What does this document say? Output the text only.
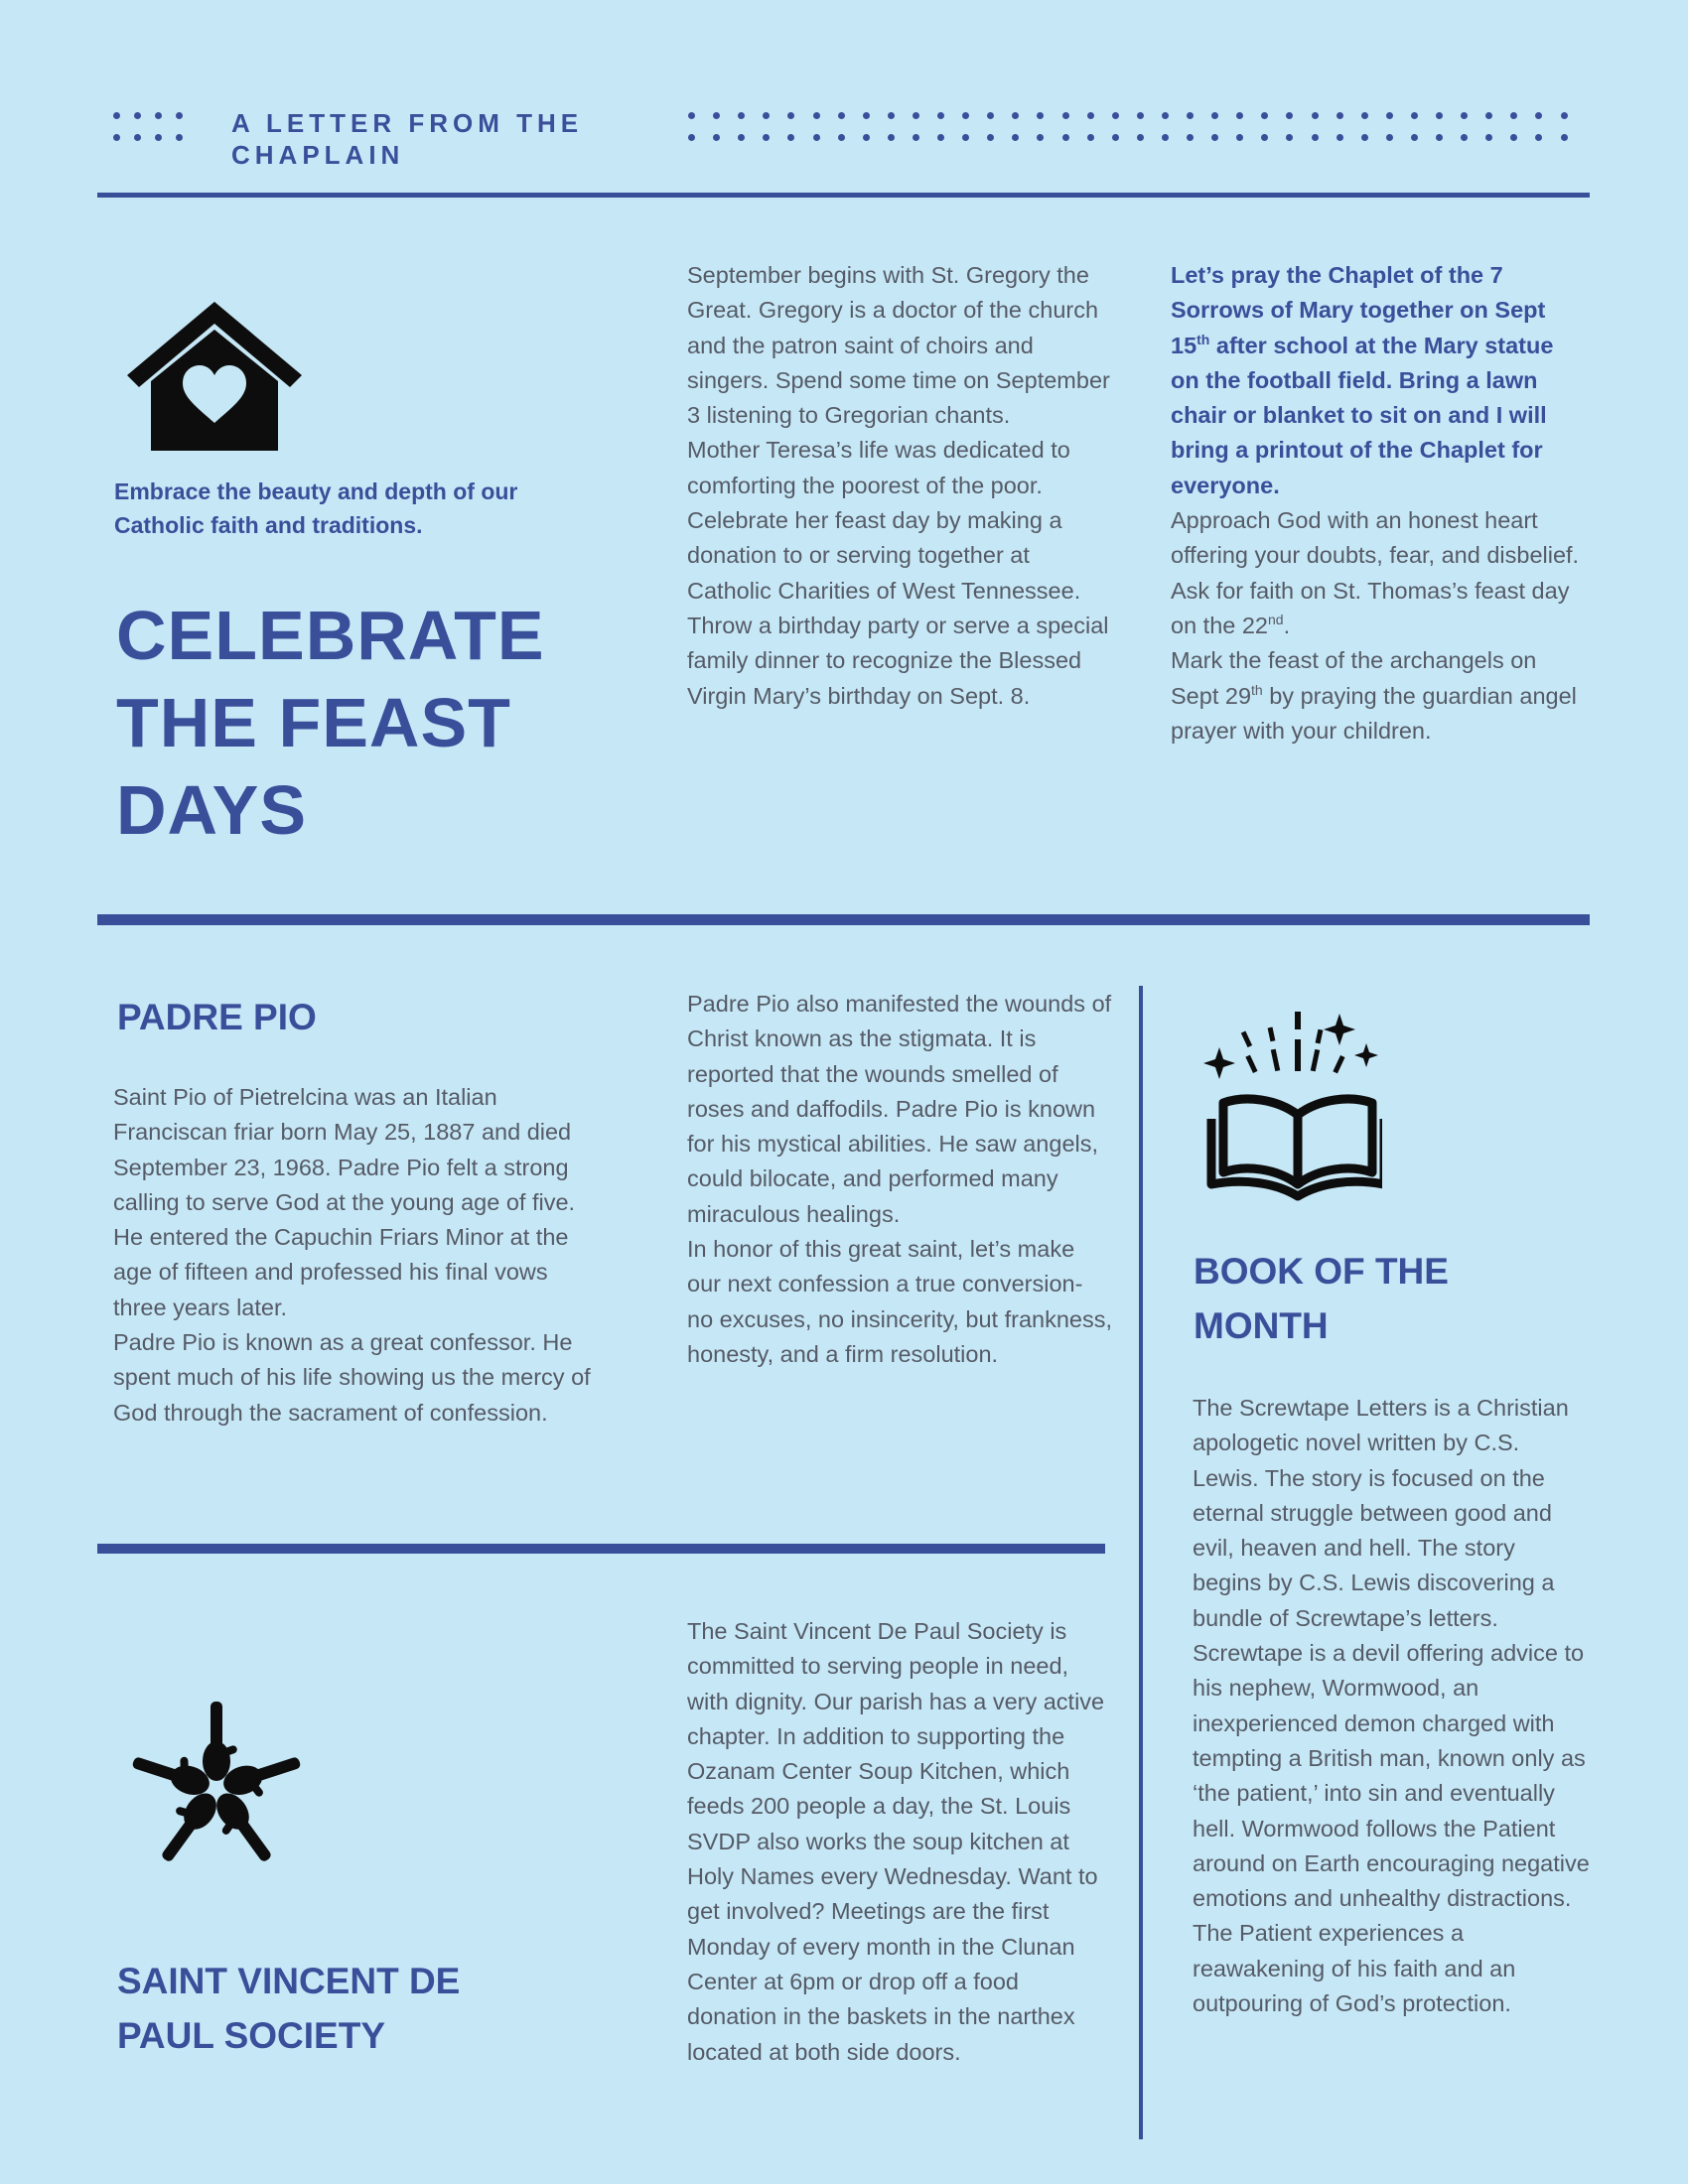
A LETTER FROM THE CHAPLAIN
Embrace the beauty and depth of our Catholic faith and traditions.
CELEBRATE THE FEAST DAYS

September begins with St. Gregory the Great. Gregory is a doctor of the church and the patron saint of choirs and singers. Spend some time on September 3 listening to Gregorian chants.

Mother Teresa’s life was dedicated to comforting the poorest of the poor. Celebrate her feast day by making a donation to or serving together at Catholic Charities of West Tennessee.

Throw a birthday party or serve a special family dinner to recognize the Blessed Virgin Mary’s birthday on Sept. 8.

Let’s pray the Chaplet of the 7 Sorrows of Mary together on Sept 15th after school at the Mary statue on the football field. Bring a lawn chair or blanket to sit on and I will bring a printout of the Chaplet for everyone.

Approach God with an honest heart offering your doubts, fear, and disbelief. Ask for faith on St. Thomas’s feast day on the 22nd.

Mark the feast of the archangels on Sept 29th by praying the guardian angel prayer with your children.

PADRE PIO

Saint Pio of Pietrelcina was an Italian Franciscan friar born May 25, 1887 and died September 23, 1968. Padre Pio felt a strong calling to serve God at the young age of five. He entered the Capuchin Friars Minor at the age of fifteen and professed his final vows three years later.

Padre Pio is known as a great confessor. He spent much of his life showing us the mercy of God through the sacrament of confession.

Padre Pio also manifested the wounds of Christ known as the stigmata. It is reported that the wounds smelled of roses and daffodils. Padre Pio is known for his mystical abilities. He saw angels, could bilocate, and performed many miraculous healings.

In honor of this great saint, let’s make our next confession a true conversion- no excuses, no insincerity, but frankness, honesty, and a firm resolution.

BOOK OF THE MONTH
The Screwtape Letters is a Christian apologetic novel written by C.S. Lewis. The story is focused on the eternal struggle between good and evil, heaven and hell. The story begins by C.S. Lewis discovering a bundle of Screwtape’s letters. Screwtape is a devil offering advice to his nephew, Wormwood, an inexperienced demon charged with tempting a British man, known only as ‘the patient,’ into sin and eventually hell. Wormwood follows the Patient around on Earth encouraging negative emotions and unhealthy distractions. The Patient experiences a reawakening of his faith and an outpouring of God’s protection.
SAINT VINCENT DE PAUL SOCIETY
The Saint Vincent De Paul Society is committed to serving people in need, with dignity. Our parish has a very active chapter. In addition to supporting the Ozanam Center Soup Kitchen, which feeds 200 people a day, the St. Louis SVDP also works the soup kitchen at Holy Names every Wednesday. Want to get involved? Meetings are the first Monday of every month in the Clunan Center at 6pm or drop off a food donation in the baskets in the narthex located at both side doors.
